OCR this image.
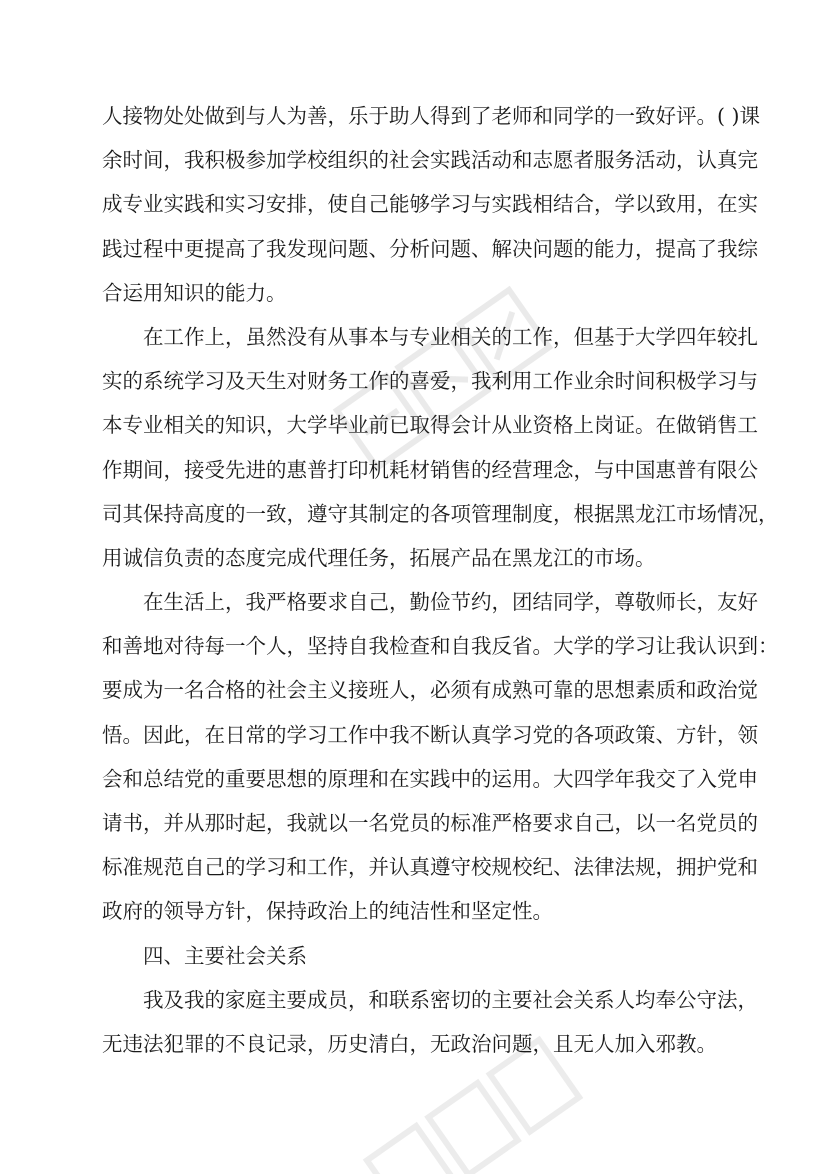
人接物处处做到与人为善，乐于助人得到了老师和同学的一致好评。( )课
余时间，我积极参加学校组织的社会实践活动和志愿者服务活动，认真完
成专业实践和实习安排，使自己能够学习与实践相结合，学以致用，在实
践过程中更提高了我发现问题、分析问题、解决问题的能力，提高了我综
合运用知识的能力。
在工作上，虽然没有从事本与专业相关的工作，但基于大学四年较扎
实的系统学习及天生对财务工作的喜爱，我利用工作业余时间积极学习与
本专业相关的知识，大学毕业前已取得会计从业资格上岗证。在做销售工
作期间，接受先进的惠普打印机耗材销售的经营理念，与中国惠普有限公
司其保持高度的一致，遵守其制定的各项管理制度，根据黑龙江市场情况，
用诚信负责的态度完成代理任务，拓展产品在黑龙江的市场。
在生活上，我严格要求自己，勤俭节约，团结同学，尊敬师长，友好
和善地对待每一个人，坚持自我检查和自我反省。大学的学习让我认识到：
要成为一名合格的社会主义接班人，必须有成熟可靠的思想素质和政治觉
悟。因此，在日常的学习工作中我不断认真学习党的各项政策、方针，领
会和总结党的重要思想的原理和在实践中的运用。大四学年我交了入党申
请书，并从那时起，我就以一名党员的标准严格要求自己，以一名党员的
标准规范自己的学习和工作，并认真遵守校规校纪、法律法规，拥护党和
政府的领导方针，保持政治上的纯洁性和坚定性。
四、主要社会关系
我及我的家庭主要成员，和联系密切的主要社会关系人均奉公守法，
无违法犯罪的不良记录，历史清白，无政治问题，且无人加入邪教。
